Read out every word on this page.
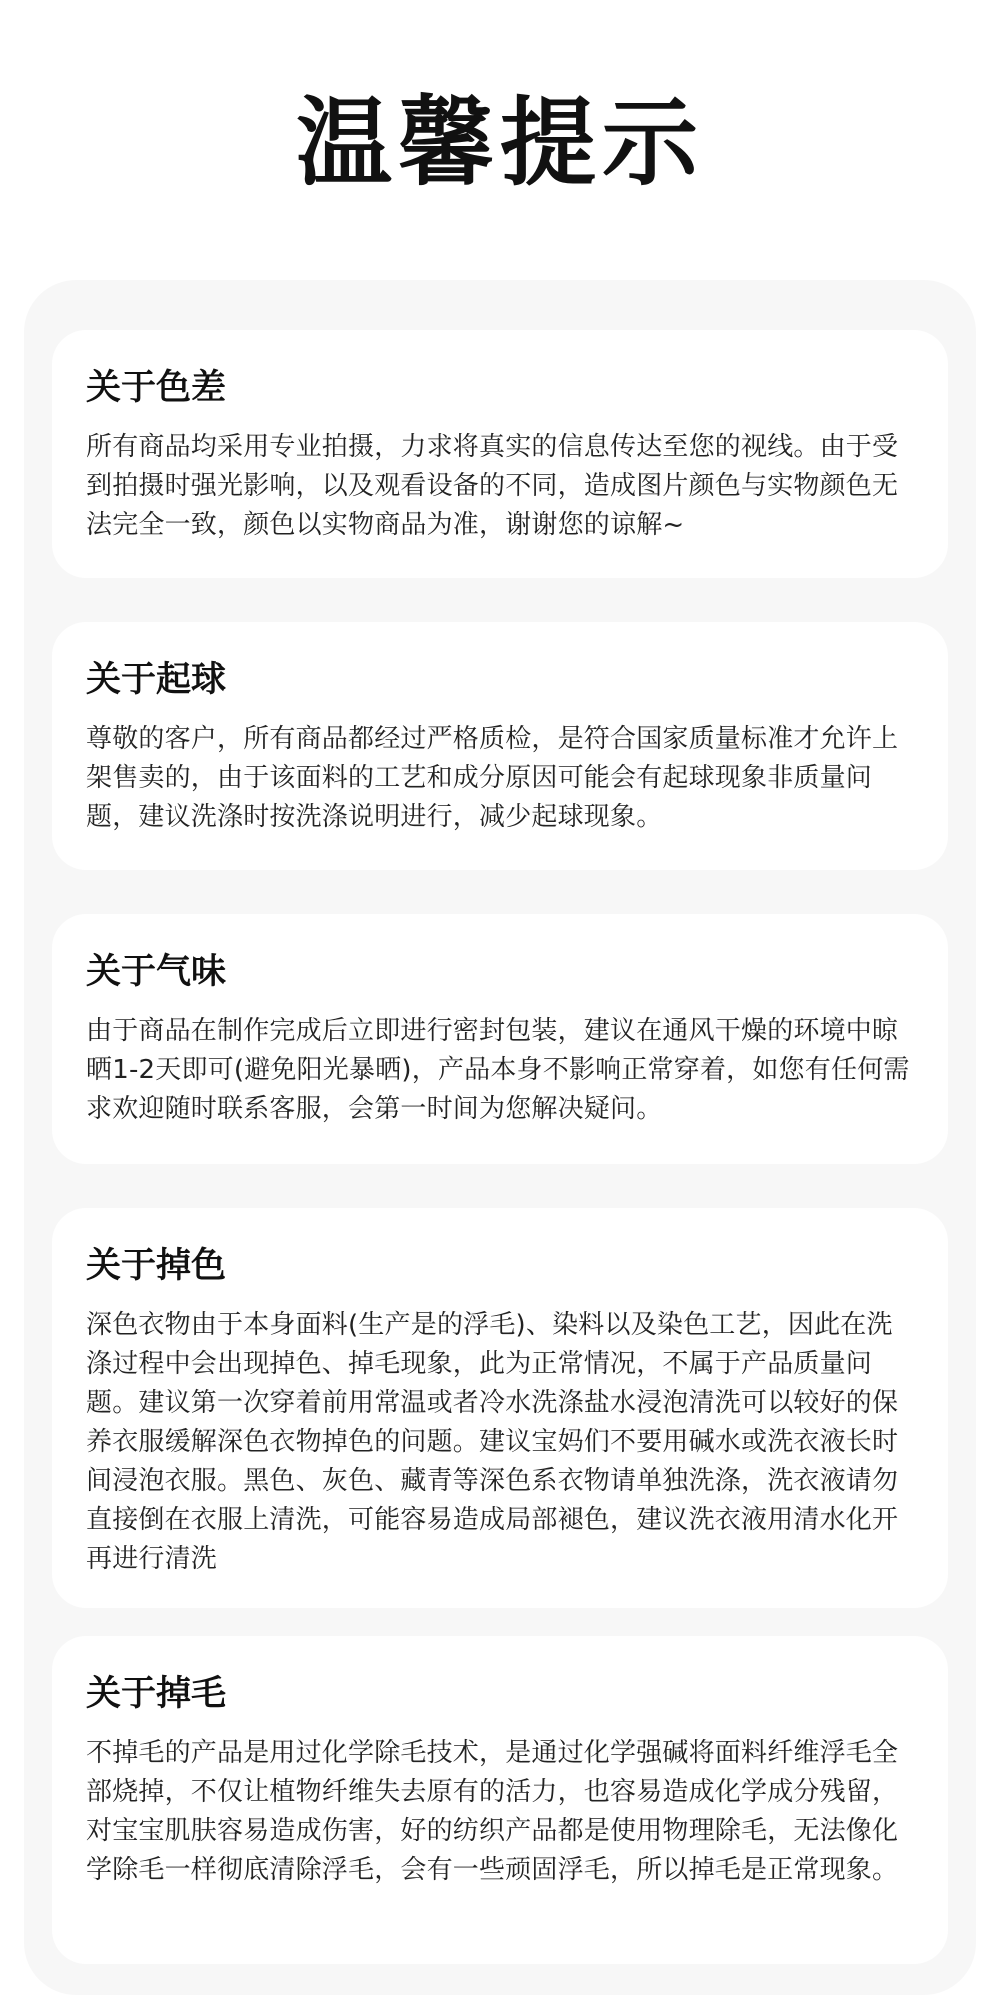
温馨提示
关于色差

所有商品均采用专业拍摄，力求将真实的信息传达至您的视线。由于受到拍摄时强光影响，以及观看设备的不同，造成图片颜色与实物颜色无法完全一致，颜色以实物商品为准，谢谢您的谅解~

关于起球

尊敬的客户，所有商品都经过严格质检，是符合国家质量标准才允许上架售卖的，由于该面料的工艺和成分原因可能会有起球现象非质量问题，建议洗涤时按洗涤说明进行，减少起球现象。

关于气味

由于商品在制作完成后立即进行密封包装，建议在通风干燥的环境中晾晒1-2天即可(避免阳光暴晒)，产品本身不影响正常穿着，如您有任何需求欢迎随时联系客服，会第一时间为您解决疑问。

关于掉色

深色衣物由于本身面料(生产是的浮毛)、染料以及染色工艺，因此在洗涤过程中会出现掉色、掉毛现象，此为正常情况，不属于产品质量问题。建议第一次穿着前用常温或者冷水洗涤盐水浸泡清洗可以较好的保养衣服缓解深色衣物掉色的问题。建议宝妈们不要用碱水或洗衣液长时间浸泡衣服。黑色、灰色、藏青等深色系衣物请单独洗涤，洗衣液请勿直接倒在衣服上清洗，可能容易造成局部褪色，建议洗衣液用清水化开再进行清洗

关于掉毛

不掉毛的产品是用过化学除毛技术，是通过化学强碱将面料纤维浮毛全部烧掉，不仅让植物纤维失去原有的活力，也容易造成化学成分残留，对宝宝肌肤容易造成伤害，好的纺织产品都是使用物理除毛，无法像化学除毛一样彻底清除浮毛，会有一些顽固浮毛，所以掉毛是正常现象。
